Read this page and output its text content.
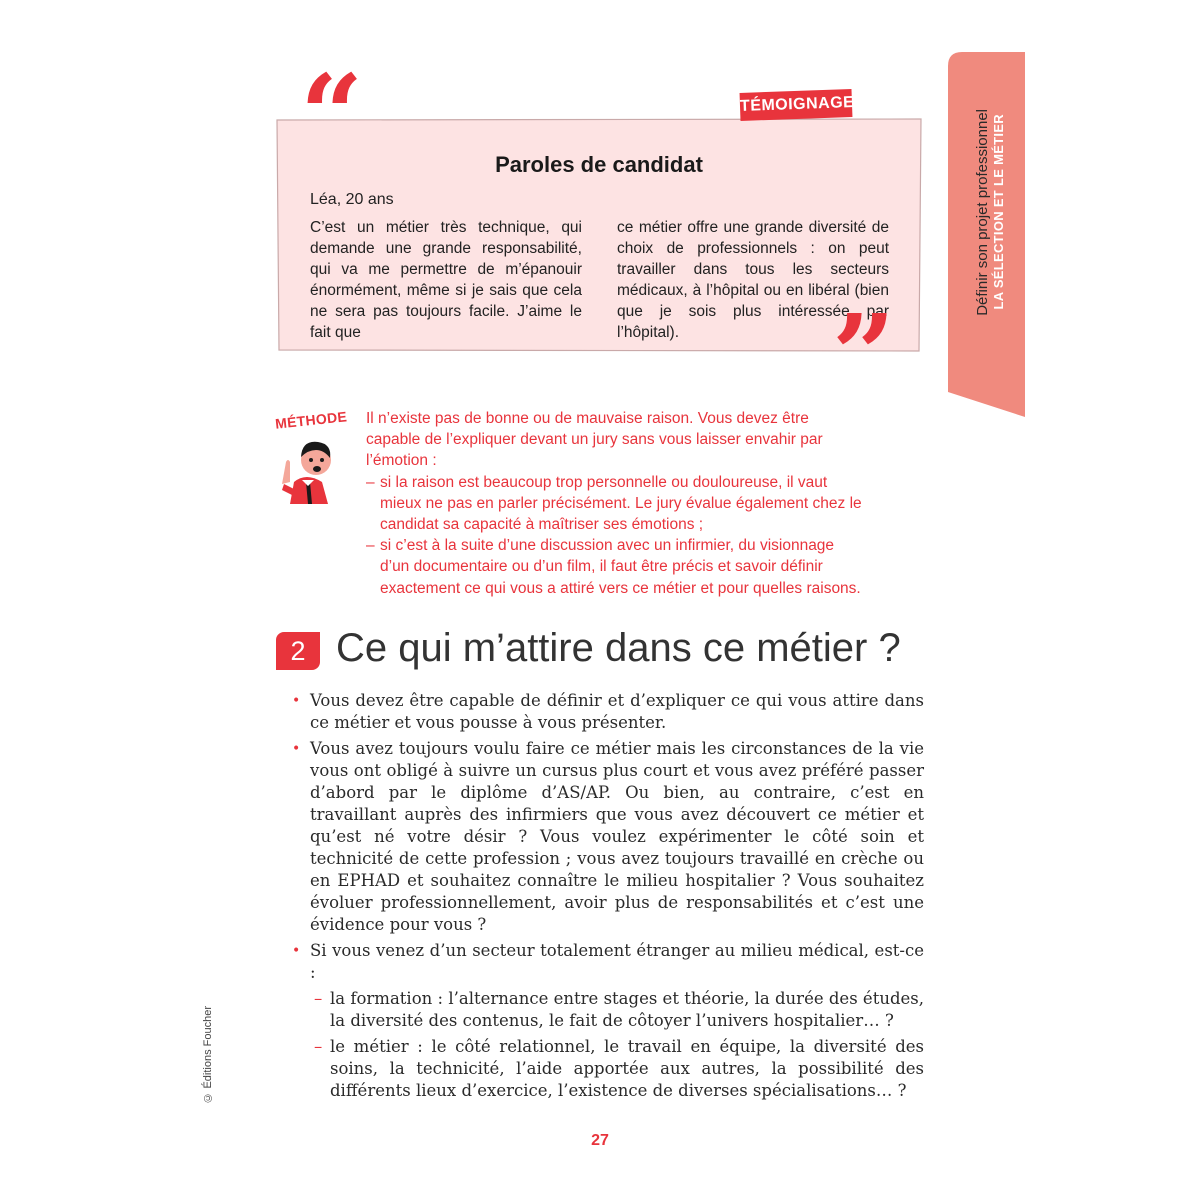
Définir son projet professionnel LA SÉLECTION ET LE MÉTIER
“	TÉMOIGNAGE
Paroles de candidat
Léa, 20 ans
C’est un métier très technique, qui demande une grande responsabilité, qui va me permettre de m’épanouir énormément, même si je sais que cela ne sera pas toujours facile. J’aime le fait que
ce métier offre une grande diversité de choix de professionnels : on peut travailler dans tous les secteurs médicaux, à l’hôpital ou en libéral (bien que je sois plus intéressée par l’hôpital).	”
MÉTHODE Il n’existe pas de bonne ou de mauvaise raison. Vous devez être capable de l’expliquer devant un jury sans vous laisser envahir par l’émotion :

– si la raison est beaucoup trop personnelle ou douloureuse, il vaut mieux ne pas en parler précisément. Le jury évalue également chez le candidat sa capacité à maîtriser ses émotions ;
– si c’est à la suite d’une discussion avec un infirmier, du visionnage d’un documentaire ou d’un film, il faut être précis et savoir définir exactement ce qui vous a attiré vers ce métier et pour quelles raisons.
2 Ce qui m’attire dans ce métier ?
• Vous devez être capable de définir et d’expliquer ce qui vous attire dans ce métier et vous pousse à vous présenter.
• Vous avez toujours voulu faire ce métier mais les circonstances de la vie vous ont obligé à suivre un cursus plus court et vous avez préféré passer d’abord par le diplôme d’AS/AP. Ou bien, au contraire, c’est en travaillant auprès des infirmiers que vous avez découvert ce métier et qu’est né votre désir ? Vous voulez expérimenter le côté soin et technicité de cette profession ; vous avez toujours travaillé en crèche ou en EPHAD et souhaitez connaître le milieu hospitalier ? Vous souhaitez évoluer professionnellement, avoir plus de responsabilités et c’est une évidence pour vous ?
• Si vous venez d’un secteur totalement étranger au milieu médical, est-ce :
– la formation : l’alternance entre stages et théorie, la durée des études, la diversité des contenus, le fait de côtoyer l’univers hospitalier… ?
– le métier : le côté relationnel, le travail en équipe, la diversité des soins, la technicité, l’aide apportée aux autres, la possibilité des différents lieux d’exercice, l’existence de diverses spécialisations… ?
© Éditions Foucher
27
